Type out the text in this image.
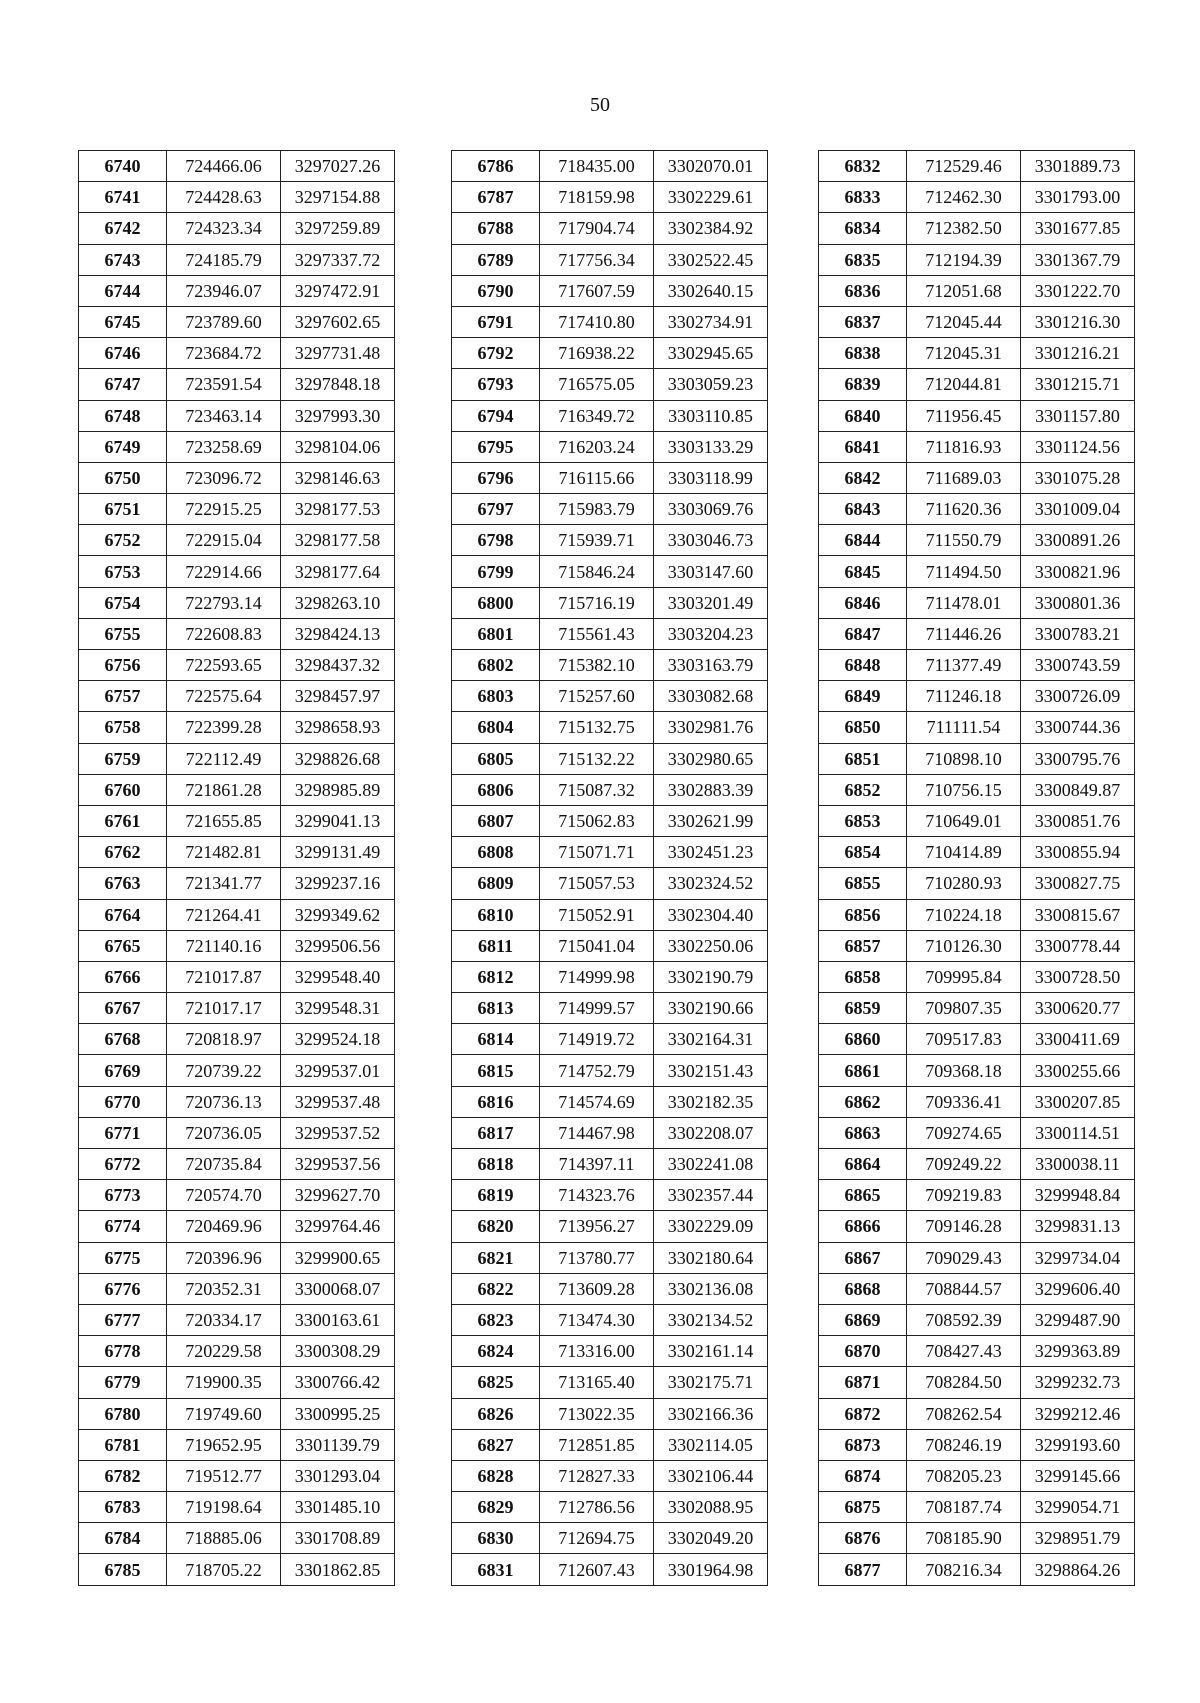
50
6740	724466.06	3297027.26
6741	724428.63	3297154.88
6742	724323.34	3297259.89
6743	724185.79	3297337.72
6744	723946.07	3297472.91
6745	723789.60	3297602.65
6746	723684.72	3297731.48
6747	723591.54	3297848.18
6748	723463.14	3297993.30
6749	723258.69	3298104.06
6750	723096.72	3298146.63
6751	722915.25	3298177.53
6752	722915.04	3298177.58
6753	722914.66	3298177.64
6754	722793.14	3298263.10
6755	722608.83	3298424.13
6756	722593.65	3298437.32
6757	722575.64	3298457.97
6758	722399.28	3298658.93
6759	722112.49	3298826.68
6760	721861.28	3298985.89
6761	721655.85	3299041.13
6762	721482.81	3299131.49
6763	721341.77	3299237.16
6764	721264.41	3299349.62
6765	721140.16	3299506.56
6766	721017.87	3299548.40
6767	721017.17	3299548.31
6768	720818.97	3299524.18
6769	720739.22	3299537.01
6770	720736.13	3299537.48
6771	720736.05	3299537.52
6772	720735.84	3299537.56
6773	720574.70	3299627.70
6774	720469.96	3299764.46
6775	720396.96	3299900.65
6776	720352.31	3300068.07
6777	720334.17	3300163.61
6778	720229.58	3300308.29
6779	719900.35	3300766.42
6780	719749.60	3300995.25
6781	719652.95	3301139.79
6782	719512.77	3301293.04
6783	719198.64	3301485.10
6784	718885.06	3301708.89
6785	718705.22	3301862.85
6786	718435.00	3302070.01
6787	718159.98	3302229.61
6788	717904.74	3302384.92
6789	717756.34	3302522.45
6790	717607.59	3302640.15
6791	717410.80	3302734.91
6792	716938.22	3302945.65
6793	716575.05	3303059.23
6794	716349.72	3303110.85
6795	716203.24	3303133.29
6796	716115.66	3303118.99
6797	715983.79	3303069.76
6798	715939.71	3303046.73
6799	715846.24	3303147.60
6800	715716.19	3303201.49
6801	715561.43	3303204.23
6802	715382.10	3303163.79
6803	715257.60	3303082.68
6804	715132.75	3302981.76
6805	715132.22	3302980.65
6806	715087.32	3302883.39
6807	715062.83	3302621.99
6808	715071.71	3302451.23
6809	715057.53	3302324.52
6810	715052.91	3302304.40
6811	715041.04	3302250.06
6812	714999.98	3302190.79
6813	714999.57	3302190.66
6814	714919.72	3302164.31
6815	714752.79	3302151.43
6816	714574.69	3302182.35
6817	714467.98	3302208.07
6818	714397.11	3302241.08
6819	714323.76	3302357.44
6820	713956.27	3302229.09
6821	713780.77	3302180.64
6822	713609.28	3302136.08
6823	713474.30	3302134.52
6824	713316.00	3302161.14
6825	713165.40	3302175.71
6826	713022.35	3302166.36
6827	712851.85	3302114.05
6828	712827.33	3302106.44
6829	712786.56	3302088.95
6830	712694.75	3302049.20
6831	712607.43	3301964.98
6832	712529.46	3301889.73
6833	712462.30	3301793.00
6834	712382.50	3301677.85
6835	712194.39	3301367.79
6836	712051.68	3301222.70
6837	712045.44	3301216.30
6838	712045.31	3301216.21
6839	712044.81	3301215.71
6840	711956.45	3301157.80
6841	711816.93	3301124.56
6842	711689.03	3301075.28
6843	711620.36	3301009.04
6844	711550.79	3300891.26
6845	711494.50	3300821.96
6846	711478.01	3300801.36
6847	711446.26	3300783.21
6848	711377.49	3300743.59
6849	711246.18	3300726.09
6850	711111.54	3300744.36
6851	710898.10	3300795.76
6852	710756.15	3300849.87
6853	710649.01	3300851.76
6854	710414.89	3300855.94
6855	710280.93	3300827.75
6856	710224.18	3300815.67
6857	710126.30	3300778.44
6858	709995.84	3300728.50
6859	709807.35	3300620.77
6860	709517.83	3300411.69
6861	709368.18	3300255.66
6862	709336.41	3300207.85
6863	709274.65	3300114.51
6864	709249.22	3300038.11
6865	709219.83	3299948.84
6866	709146.28	3299831.13
6867	709029.43	3299734.04
6868	708844.57	3299606.40
6869	708592.39	3299487.90
6870	708427.43	3299363.89
6871	708284.50	3299232.73
6872	708262.54	3299212.46
6873	708246.19	3299193.60
6874	708205.23	3299145.66
6875	708187.74	3299054.71
6876	708185.90	3298951.79
6877	708216.34	3298864.26
